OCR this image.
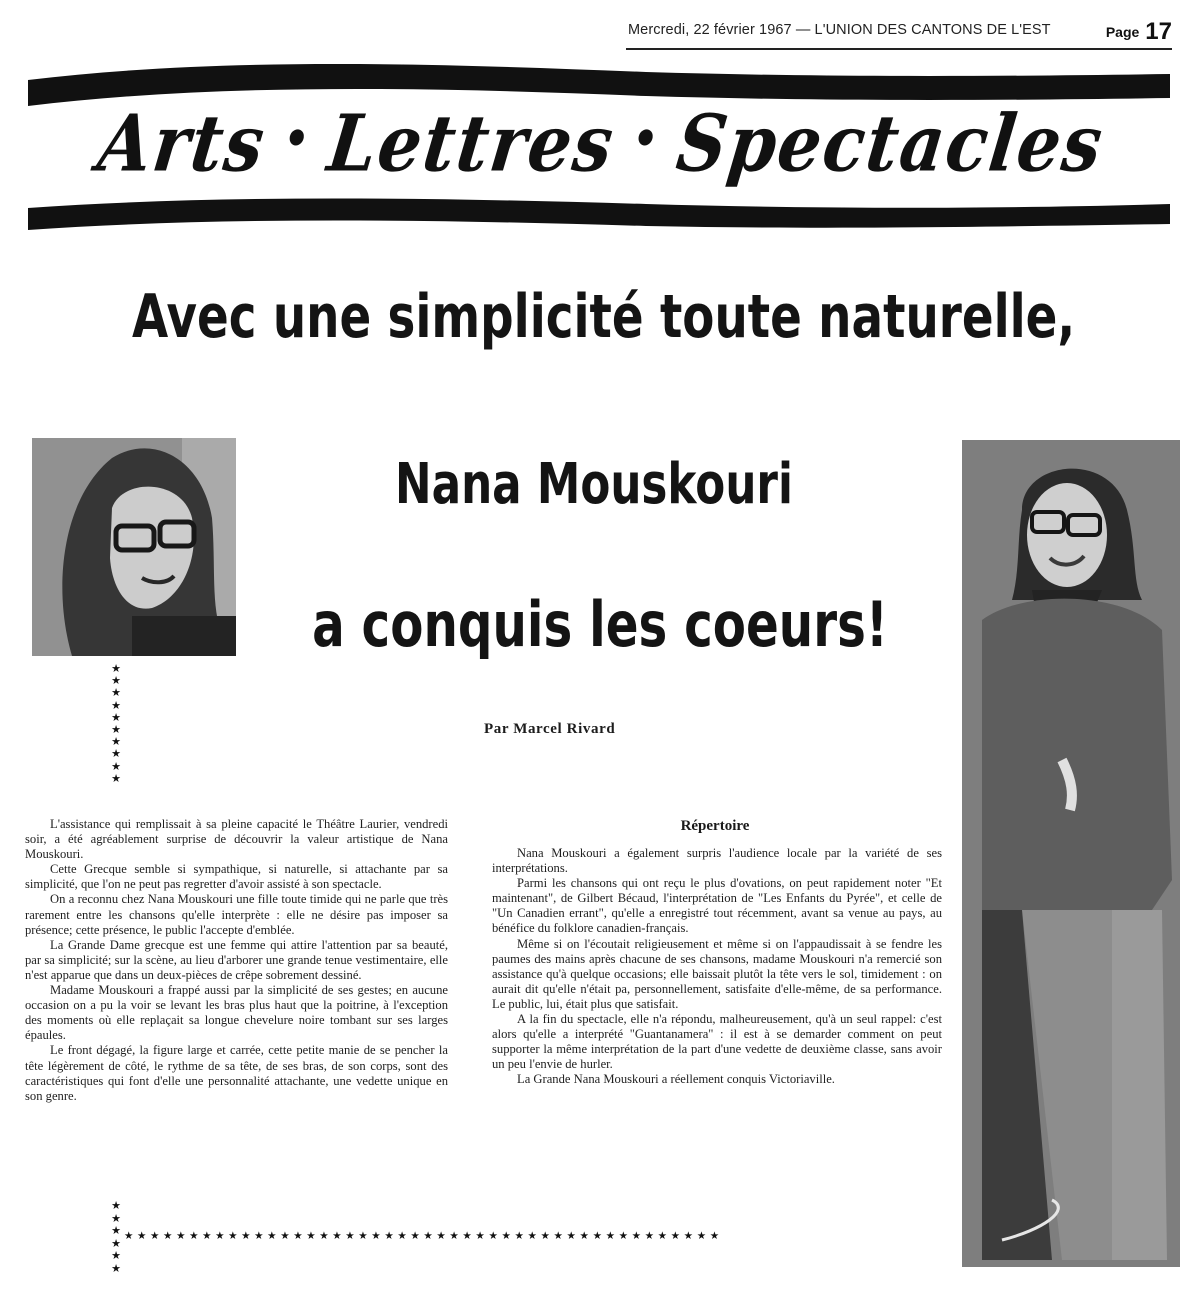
Mercredi, 22 février 1967 — L'UNION DES CANTONS DE L'EST	Page 17
Arts • Lettres • Spectacles
Avec une simplicité toute naturelle,
Nana Mouskouri
a conquis les coeurs!
★
★
★
★
★
★
★
★
★
★
★
★
★
★
★
★
★★★★★★★★★★★★★★★★★★★★★★★★★★★★★★★★★★★★★★★★★★★★★★
Par Marcel Rivard

L'assistance qui remplissait à sa pleine capacité le Théâtre Laurier, vendredi soir, a été agréablement surprise de découvrir la valeur artistique de Nana Mouskouri.

Cette Grecque semble si sympathique, si naturelle, si attachante par sa simplicité, que l'on ne peut pas regretter d'avoir assisté à son spectacle.

On a reconnu chez Nana Mouskouri une fille toute timide qui ne parle que très rarement entre les chansons qu'elle interprète : elle ne désire pas imposer sa présence; cette présence, le public l'accepte d'emblée.

La Grande Dame grecque est une femme qui attire l'attention par sa beauté, par sa simplicité; sur la scène, au lieu d'arborer une grande tenue vestimentaire, elle n'est apparue que dans un deux-pièces de crêpe sobrement dessiné.

Madame Mouskouri a frappé aussi par la simplicité de ses gestes; en aucune occasion on a pu la voir se levant les bras plus haut que la poitrine, à l'exception des moments où elle replaçait sa longue chevelure noire tombant sur ses larges épaules.

Le front dégagé, la figure large et carrée, cette petite manie de se pencher la tête légèrement de côté, le rythme de sa tête, de ses bras, de son corps, sont des caractéristiques qui font d'elle une personnalité attachante, une vedette unique en son genre.

Répertoire

Nana Mouskouri a également surpris l'audience locale par la variété de ses interprétations.

Parmi les chansons qui ont reçu le plus d'ovations, on peut rapidement noter "Et maintenant", de Gilbert Bécaud, l'interprétation de "Les Enfants du Pyrée", et celle de "Un Canadien errant", qu'elle a enregistré tout récemment, avant sa venue au pays, au bénéfice du folklore canadien-français.

Même si on l'écoutait religieusement et même si on l'appaudissait à se fendre les paumes des mains après chacune de ses chansons, madame Mouskouri n'a remercié son assistance qu'à quelque occasions; elle baissait plutôt la tête vers le sol, timidement : on aurait dit qu'elle n'était pa, personnellement, satisfaite d'elle-même, de sa performance. Le public, lui, était plus que satisfait.

A la fin du spectacle, elle n'a répondu, malheureusement, qu'à un seul rappel: c'est alors qu'elle a interprété "Guantanamera" : il est à se demarder comment on peut supporter la même interprétation de la part d'une vedette de deuxième classe, sans avoir un peu l'envie de hurler.

La Grande Nana Mouskouri a réellement conquis Victoriaville.
